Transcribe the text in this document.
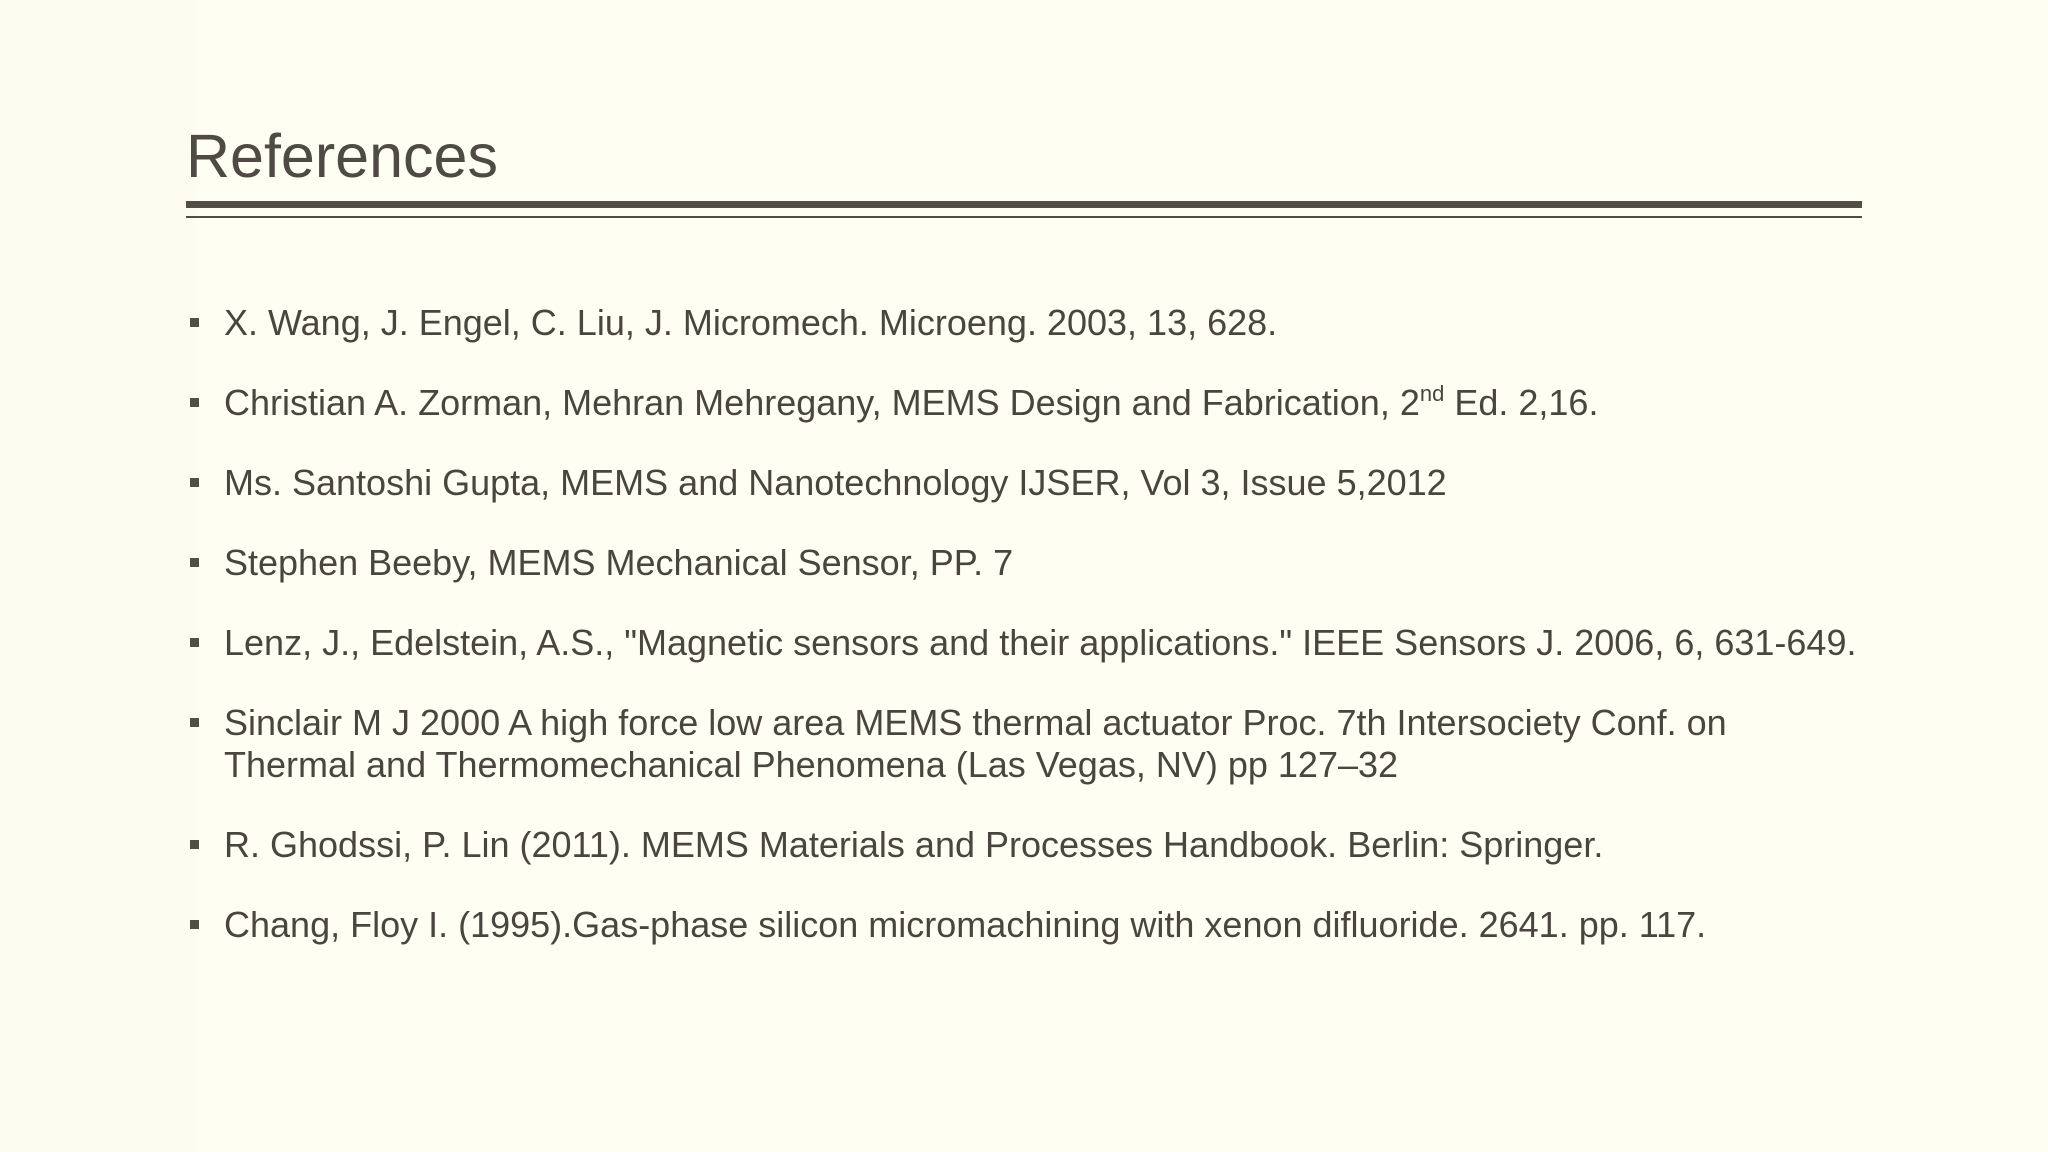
References
X. Wang, J. Engel, C. Liu, J. Micromech. Microeng. 2003, 13, 628.
Christian A. Zorman, Mehran Mehregany, MEMS Design and Fabrication, 2nd Ed. 2,16.
Ms. Santoshi Gupta, MEMS and Nanotechnology IJSER, Vol 3, Issue 5,2012
Stephen Beeby, MEMS Mechanical Sensor, PP. 7
Lenz, J., Edelstein, A.S., "Magnetic sensors and their applications." IEEE Sensors J. 2006, 6, 631-649.
Sinclair M J 2000 A high force low area MEMS thermal actuator Proc. 7th Intersociety Conf. on Thermal and Thermomechanical Phenomena (Las Vegas, NV) pp 127–32
R. Ghodssi, P. Lin (2011). MEMS Materials and Processes Handbook. Berlin: Springer.
Chang, Floy I. (1995).Gas-phase silicon micromachining with xenon difluoride. 2641. pp. 117.
